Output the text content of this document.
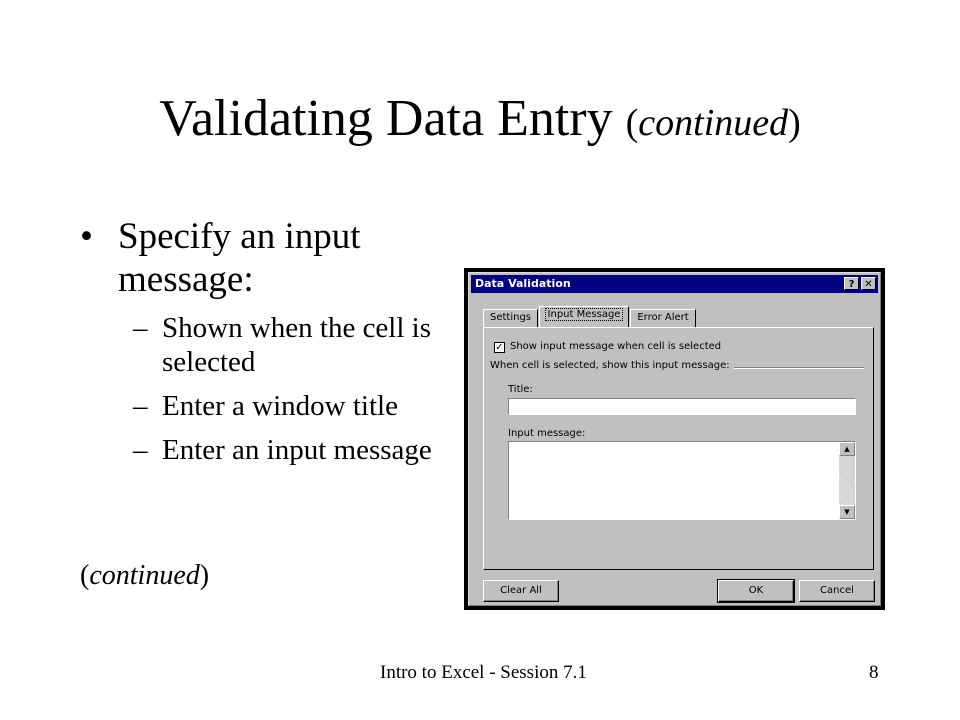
Validating Data Entry (continued)
• Specify an input message:
– Shown when the cell is selected
– Enter a window title
– Enter an input message
(continued)
Intro to Excel - Session 7.1	8
Data Validation	? ✕
Settings	Input Message	Error Alert
✓ Show input message when cell is selected
When cell is selected, show this input message:
Title:
Input message:
▲
▼
Clear All	OK	Cancel
